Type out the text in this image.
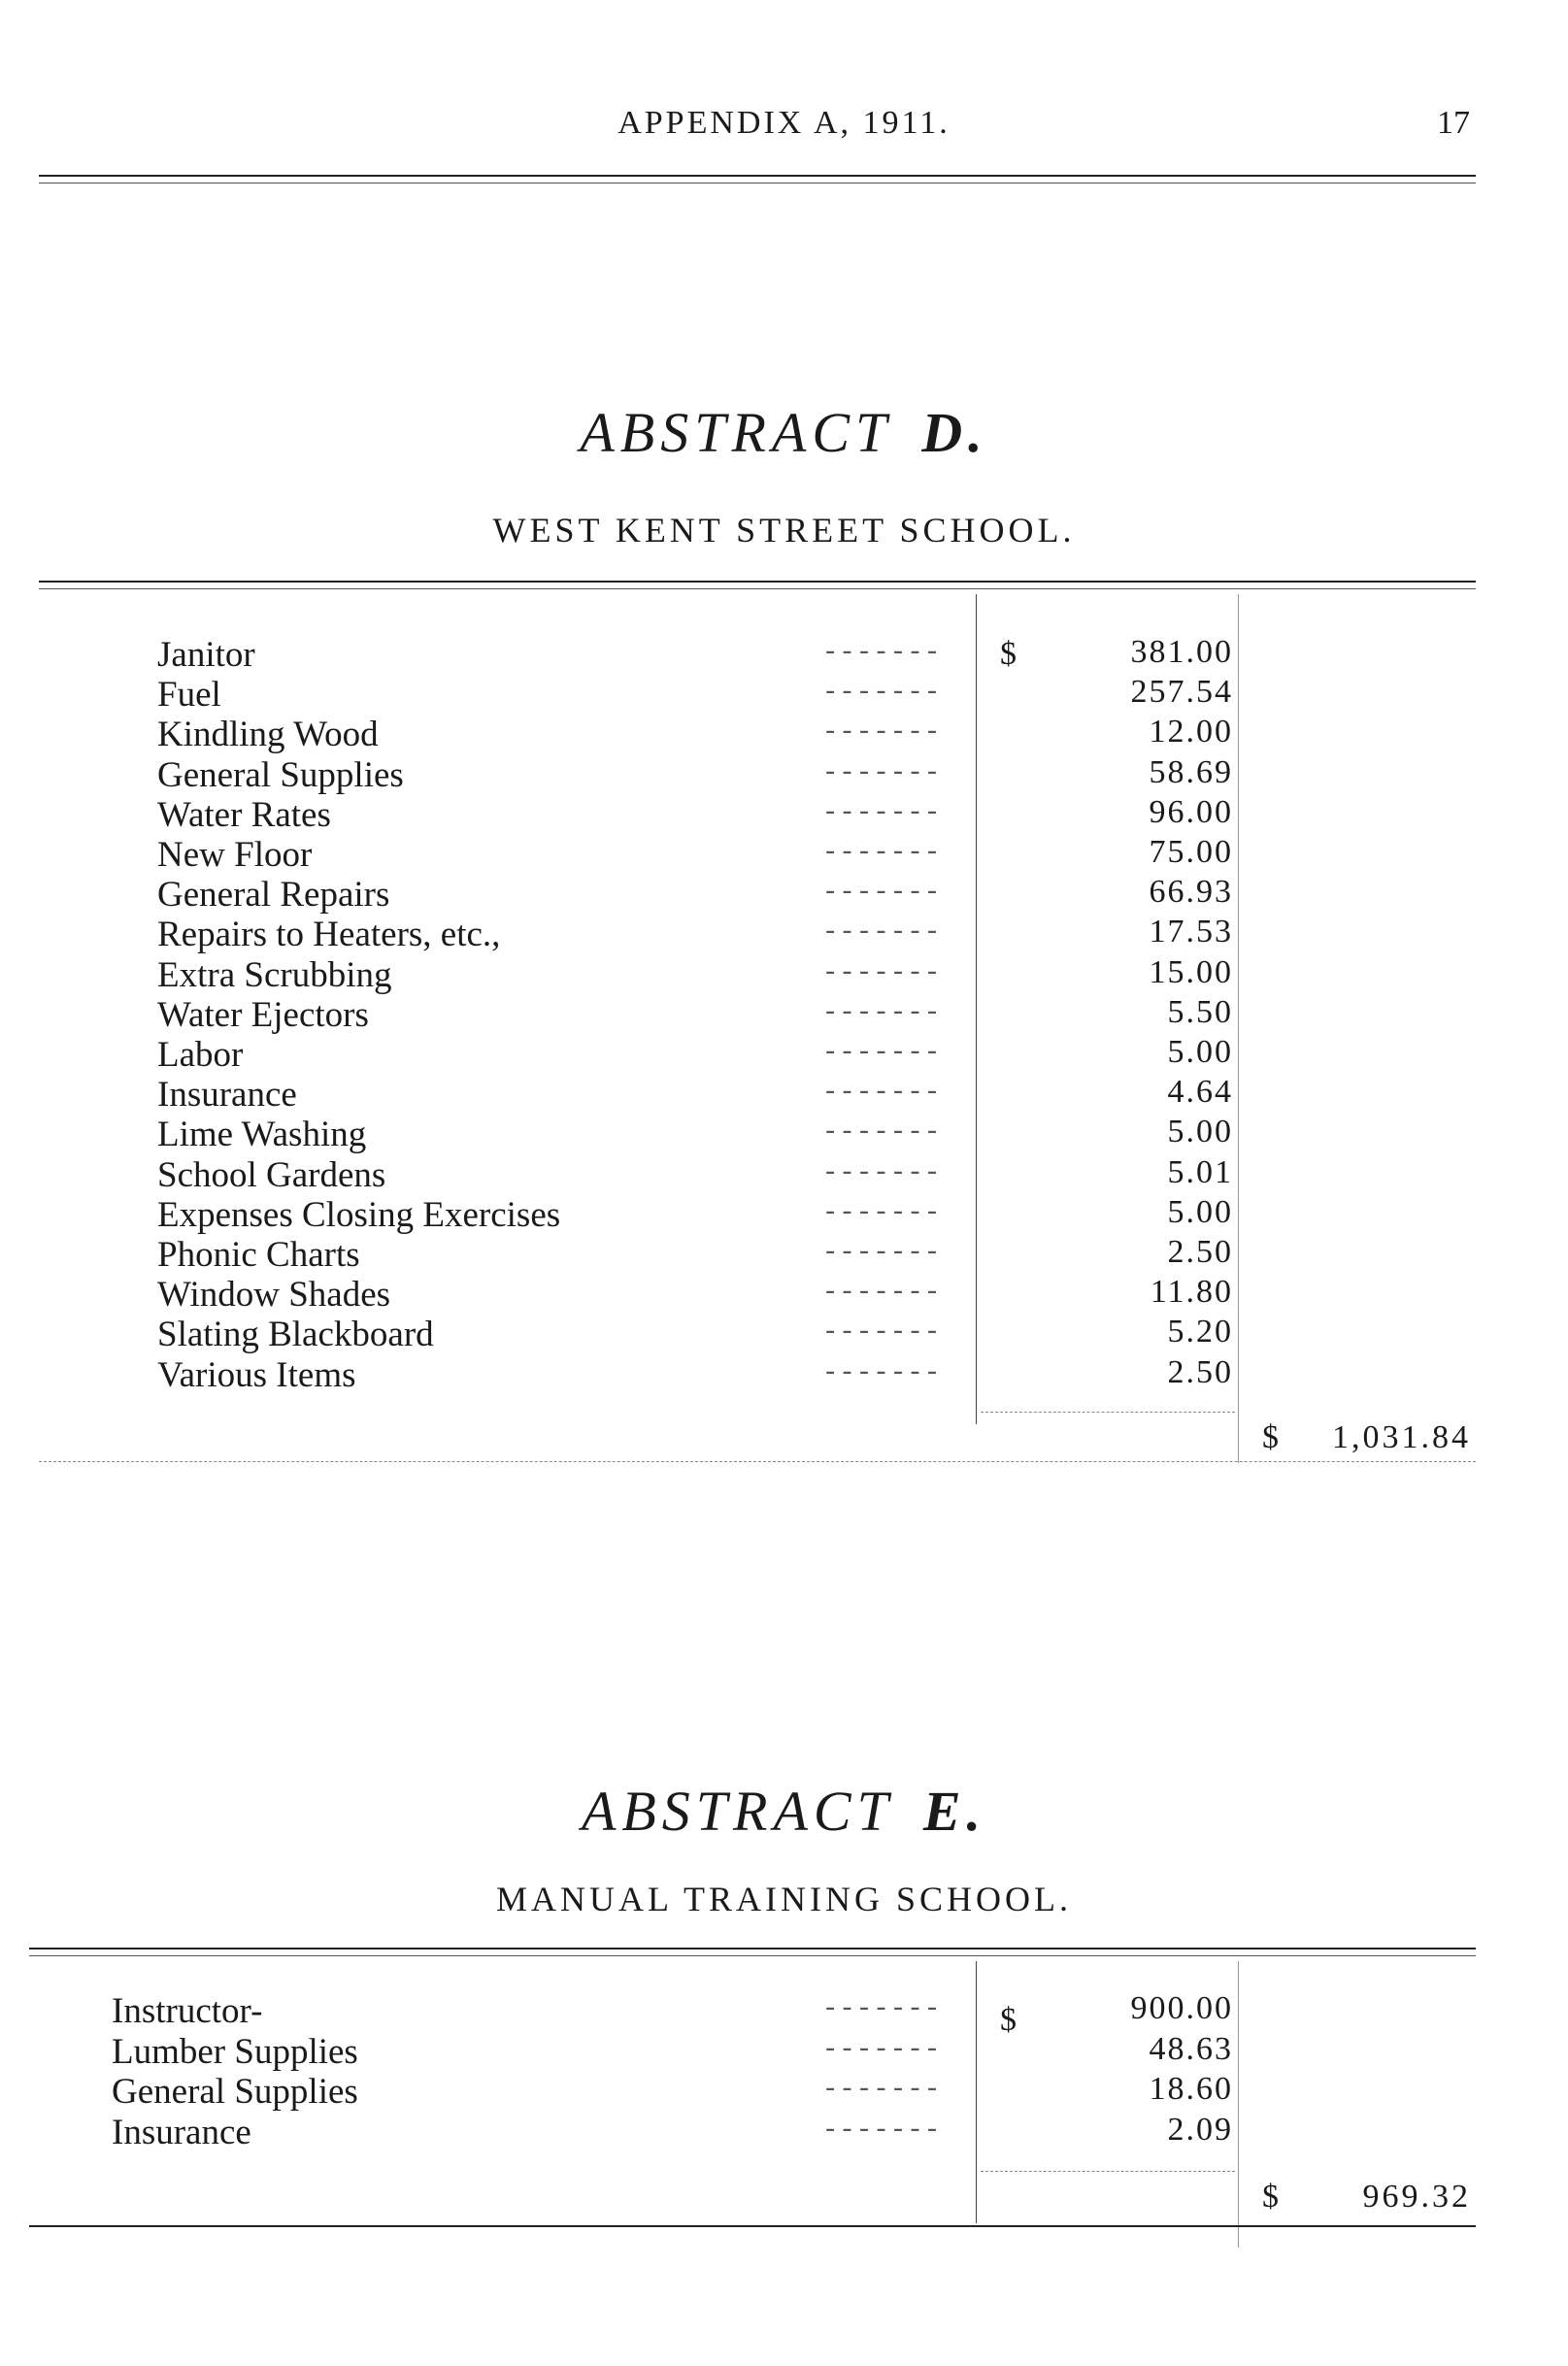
APPENDIX A, 1911.	17
ABSTRACT D.
WEST KENT STREET SCHOOL.
$
Janitor	- - - - - - -	381.00
Fuel	- - - - - - -	257.54
Kindling Wood	- - - - - - -	12.00
General Supplies	- - - - - - -	58.69
Water Rates	- - - - - - -	96.00
New Floor	- - - - - - -	75.00
General Repairs	- - - - - - -	66.93
Repairs to Heaters, etc.,	- - - - - - -	17.53
Extra Scrubbing	- - - - - - -	15.00
Water Ejectors	- - - - - - -	5.50
Labor	- - - - - - -	5.00
Insurance	- - - - - - -	4.64
Lime Washing	- - - - - - -	5.00
School Gardens	- - - - - - -	5.01
Expenses Closing Exercises	- - - - - - -	5.00
Phonic Charts	- - - - - - -	2.50
Window Shades	- - - - - - -	11.80
Slating Blackboard	- - - - - - -	5.20
Various Items	- - - - - - -	2.50
$	1,031.84
ABSTRACT E.
MANUAL TRAINING SCHOOL.
$
Instructor-	- - - - - - -	900.00
Lumber Supplies	- - - - - - -	48.63
General Supplies	- - - - - - -	18.60
Insurance	- - - - - - -	2.09
$	969.32
